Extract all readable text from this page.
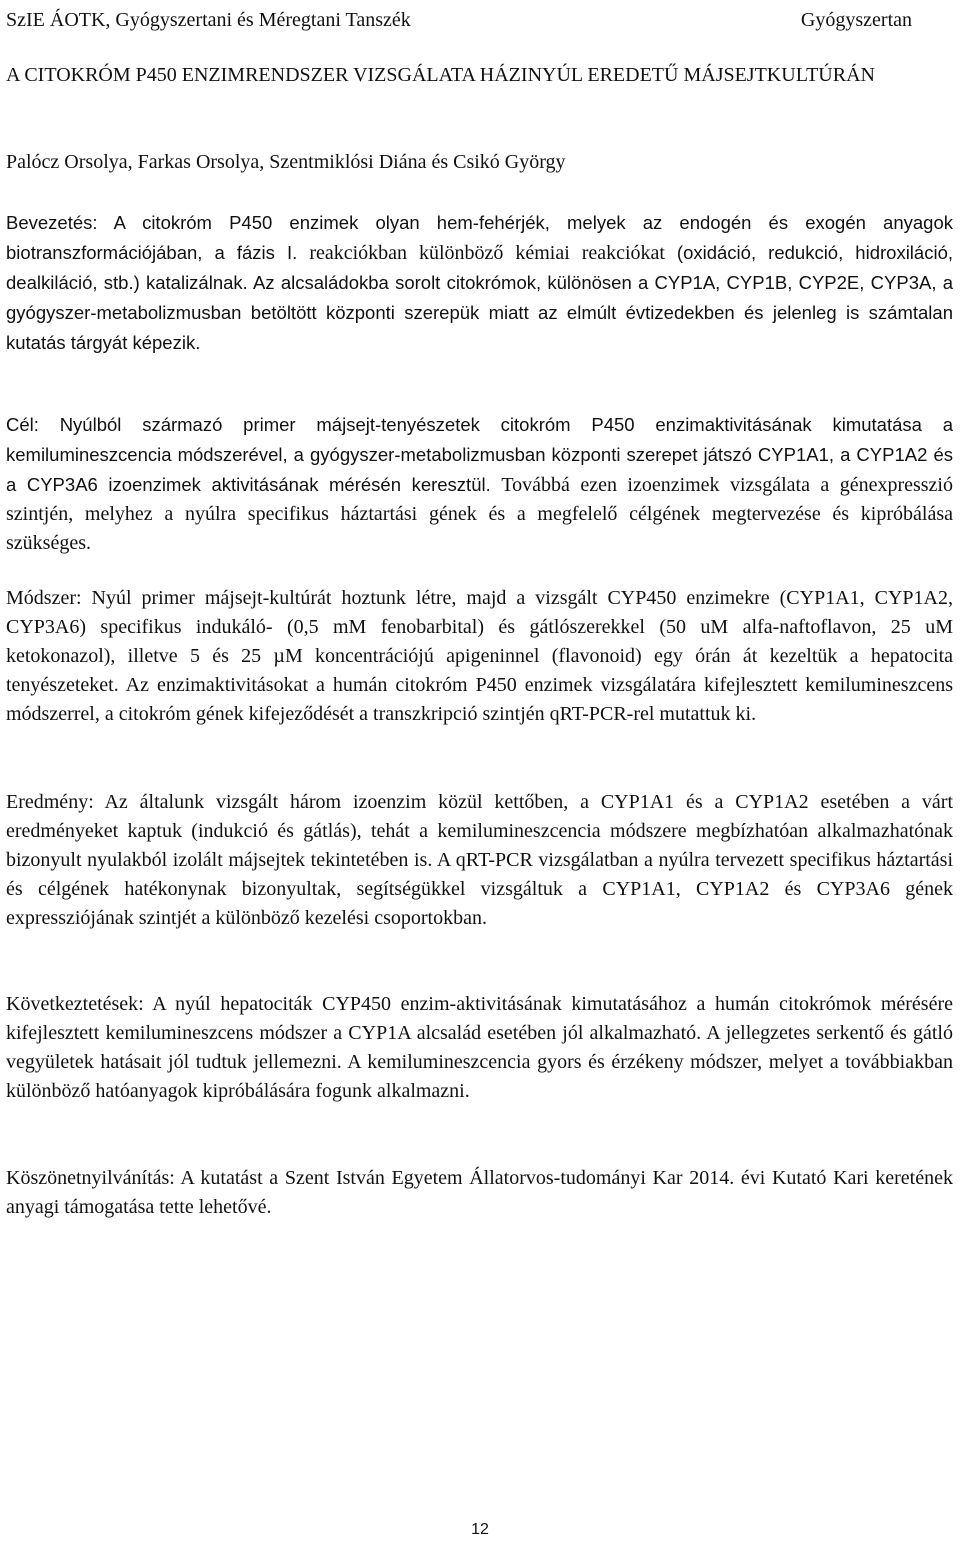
SzIE ÁOTK, Gyógyszertani és Méregtani Tanszék	Gyógyszertan
A CITOKRÓM P450 ENZIMRENDSZER VIZSGÁLATA HÁZINYÚL EREDETŰ MÁJSEJTKULTÚRÁN
Palócz Orsolya, Farkas Orsolya, Szentmiklósi Diána és Csikó György
Bevezetés: A citokróm P450 enzimek olyan hem-fehérjék, melyek az endogén és exogén anyagok biotranszformációjában, a fázis I. reakciókban különböző kémiai reakciókat (oxidáció, redukció, hidroxiláció, dealkiláció, stb.) katalizálnak. Az alcsaládokba sorolt citokrómok, különösen a CYP1A, CYP1B, CYP2E, CYP3A, a gyógyszer-metabolizmusban betöltött központi szerepük miatt az elmúlt évtizedekben és jelenleg is számtalan kutatás tárgyát képezik.
Cél: Nyúlból származó primer májsejt-tenyészetek citokróm P450 enzimaktivitásának kimutatása a kemilumineszcencia módszerével, a gyógyszer-metabolizmusban központi szerepet játszó CYP1A1, a CYP1A2 és a CYP3A6 izoenzimek aktivitásának mérésén keresztül. Továbbá ezen izoenzimek vizsgálata a génexpresszió szintjén, melyhez a nyúlra specifikus háztartási gének és a megfelelő célgének megtervezése és kipróbálása szükséges.
Módszer: Nyúl primer májsejt-kultúrát hoztunk létre, majd a vizsgált CYP450 enzimekre (CYP1A1, CYP1A2, CYP3A6) specifikus indukáló- (0,5 mM fenobarbital) és gátlószerekkel (50 uM alfa-naftoflavon, 25 uM ketokonazol), illetve 5 és 25 µM koncentrációjú apigeninnel (flavonoid) egy órán át kezeltük a hepatocita tenyészeteket. Az enzimaktivitásokat a humán citokróm P450 enzimek vizsgálatára kifejlesztett kemilumineszcens módszerrel, a citokróm gének kifejeződését a transzkripció szintjén qRT-PCR-rel mutattuk ki.
Eredmény: Az általunk vizsgált három izoenzim közül kettőben, a CYP1A1 és a CYP1A2 esetében a várt eredményeket kaptuk (indukció és gátlás), tehát a kemilumineszcencia módszere megbízhatóan alkalmazhatónak bizonyult nyulakból izolált májsejtek tekintetében is. A qRT-PCR vizsgálatban a nyúlra tervezett specifikus háztartási és célgének hatékonynak bizonyultak, segítségükkel vizsgáltuk a CYP1A1, CYP1A2 és CYP3A6 gének expressziójának szintjét a különböző kezelési csoportokban.
Következtetések: A nyúl hepatociták CYP450 enzim-aktivitásának kimutatásához a humán citokrómok mérésére kifejlesztett kemilumineszcens módszer a CYP1A alcsalád esetében jól alkalmazható. A jellegzetes serkentő és gátló vegyületek hatásait jól tudtuk jellemezni. A kemilumineszcencia gyors és érzékeny módszer, melyet a továbbiakban különböző hatóanyagok kipróbálására fogunk alkalmazni.
Köszönetnyilvánítás: A kutatást a Szent István Egyetem Állatorvos-tudományi Kar 2014. évi Kutató Kari keretének anyagi támogatása tette lehetővé.
12
